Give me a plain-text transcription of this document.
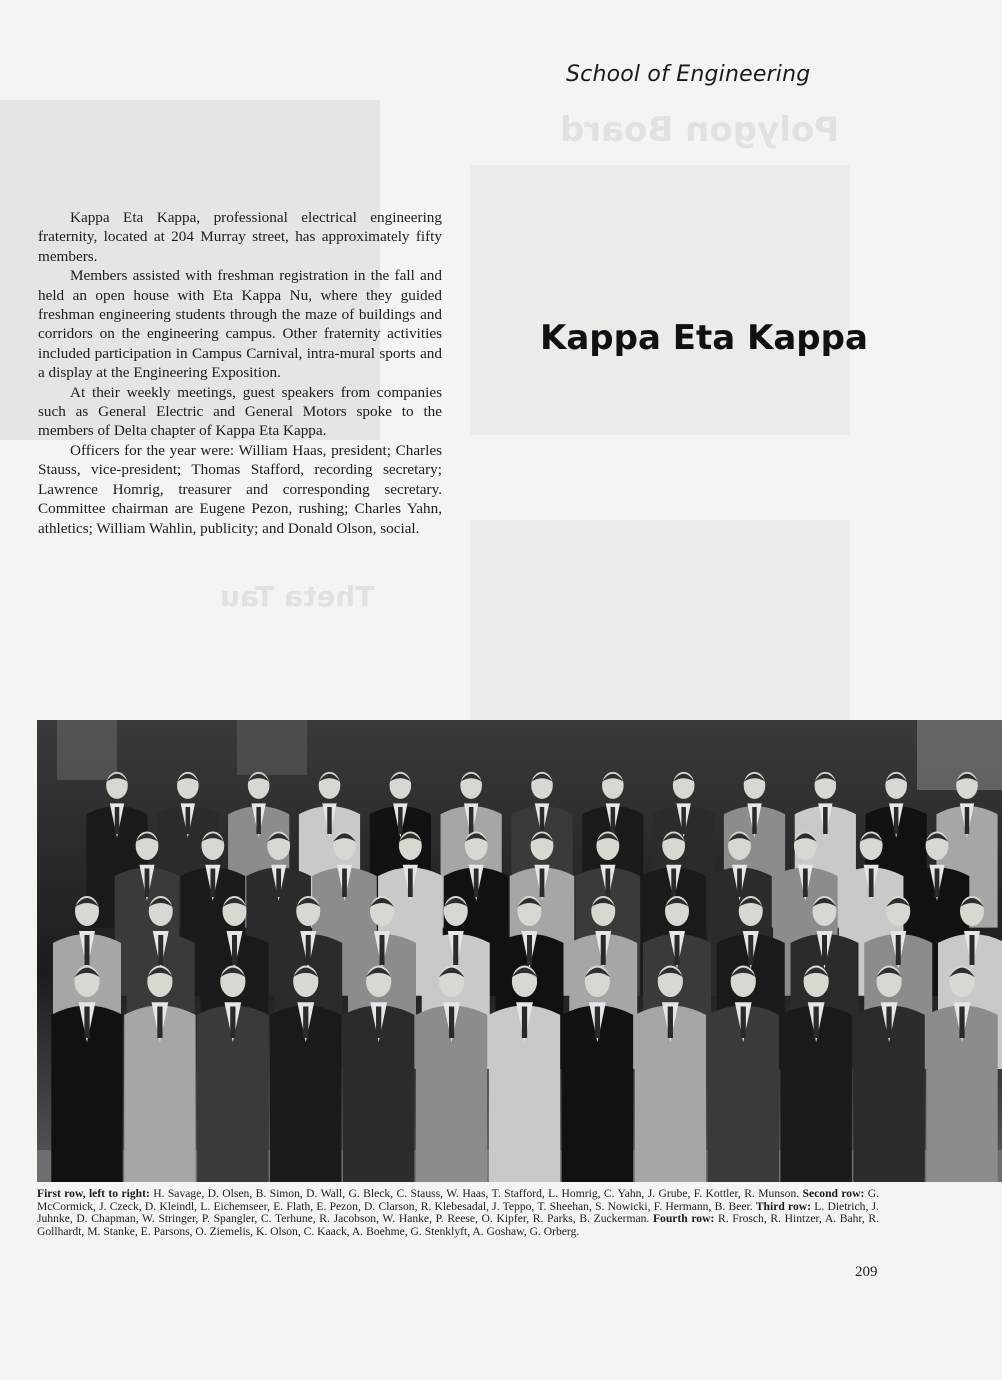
Polygon Board
Theta Tau
School of Engineering
Kappa Eta Kappa

Kappa Eta Kappa, professional electrical engineering fraternity, located at 204 Murray street, has approximately fifty members.

Members assisted with freshman registration in the fall and held an open house with Eta Kappa Nu, where they guided freshman engineering students through the maze of buildings and corridors on the engineering campus. Other fraternity activities included participation in Campus Carnival, intra-mural sports and a display at the Engineering Exposition.

At their weekly meetings, guest speakers from companies such as General Electric and General Motors spoke to the members of Delta chapter of Kappa Eta Kappa.

Officers for the year were: William Haas, president; Charles Stauss, vice-president; Thomas Stafford, recording secretary; Lawrence Homrig, treasurer and corresponding secretary. Committee chairman are Eugene Pezon, rushing; Charles Yahn, athletics; William Wahlin, publicity; and Donald Olson, social.

First row, left to right: H. Savage, D. Olsen, B. Simon, D. Wall, G. Bleck, C. Stauss, W. Haas, T. Stafford, L. Homrig, C. Yahn, J. Grube, F. Kottler, R. Munson. Second row: G. McCormick, J. Czeck, D. Kleindl, L. Eichemseer, E. Flath, E. Pezon, D. Clarson, R. Klebesadal, J. Teppo, T. Sheehan, S. Nowicki, F. Hermann, B. Beer. Third row: L. Dietrich, J. Juhnke, D. Chapman, W. Stringer, P. Spangler, C. Terhune, R. Jacobson, W. Hanke, P. Reese, O. Kipfer, R. Parks, B. Zuckerman. Fourth row: R. Frosch, R. Hintzer, A. Bahr, R. Gollhardt, M. Stanke, E. Parsons, O. Ziemelis, K. Olson, C. Kaack, A. Boehme, G. Stenklyft, A. Goshaw, G. Orberg.

209
